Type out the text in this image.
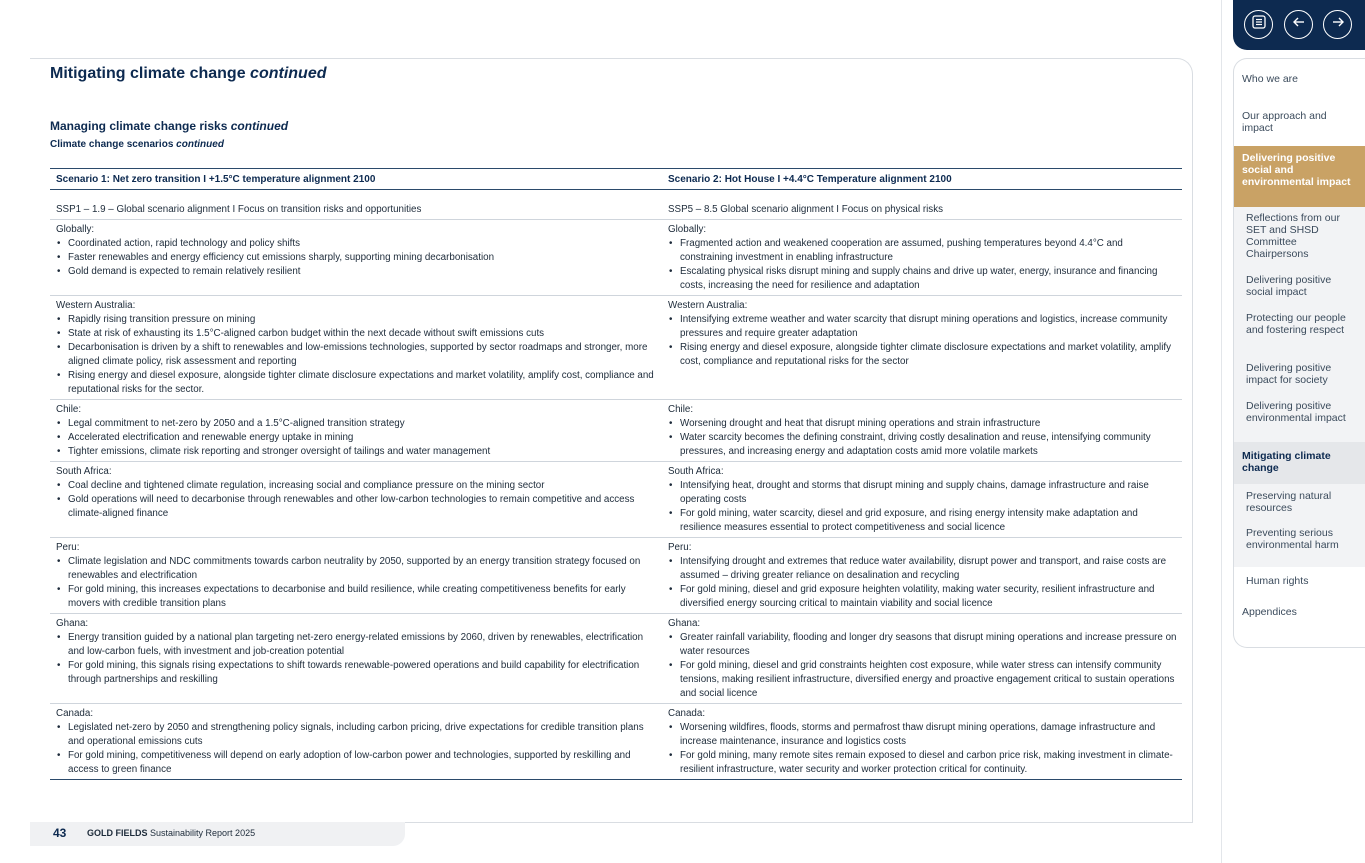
Mitigating climate change continued
Managing climate change risks continued
Climate change scenarios continued
Scenario 1: Net zero transition I +1.5°C temperature alignment 2100	Scenario 2: Hot House I +4.4°C Temperature alignment 2100
SSP1 – 1.9 – Global scenario alignment I Focus on transition risks and opportunities	SSP5 – 8.5 Global scenario alignment I Focus on physical risks
Globally:
• Coordinated action, rapid technology and policy shifts
• Faster renewables and energy efficiency cut emissions sharply, supporting mining decarbonisation
• Gold demand is expected to remain relatively resilient
Globally:
• Fragmented action and weakened cooperation are assumed, pushing temperatures beyond 4.4°C and constraining investment in enabling infrastructure
• Escalating physical risks disrupt mining and supply chains and drive up water, energy, insurance and financing costs, increasing the need for resilience and adaptation
Western Australia:
• Rapidly rising transition pressure on mining
• State at risk of exhausting its 1.5°C-aligned carbon budget within the next decade without swift emissions cuts
• Decarbonisation is driven by a shift to renewables and low-emissions technologies, supported by sector roadmaps and stronger, more aligned climate policy, risk assessment and reporting
• Rising energy and diesel exposure, alongside tighter climate disclosure expectations and market volatility, amplify cost, compliance and reputational risks for the sector.
Western Australia:
• Intensifying extreme weather and water scarcity that disrupt mining operations and logistics, increase community pressures and require greater adaptation
• Rising energy and diesel exposure, alongside tighter climate disclosure expectations and market volatility, amplify cost, compliance and reputational risks for the sector
Chile:
• Legal commitment to net-zero by 2050 and a 1.5°C-aligned transition strategy
• Accelerated electrification and renewable energy uptake in mining
• Tighter emissions, climate risk reporting and stronger oversight of tailings and water management
Chile:
• Worsening drought and heat that disrupt mining operations and strain infrastructure
• Water scarcity becomes the defining constraint, driving costly desalination and reuse, intensifying community pressures, and increasing energy and adaptation costs amid more volatile markets
South Africa:
• Coal decline and tightened climate regulation, increasing social and compliance pressure on the mining sector
• Gold operations will need to decarbonise through renewables and other low-carbon technologies to remain competitive and access climate-aligned finance
South Africa:
• Intensifying heat, drought and storms that disrupt mining and supply chains, damage infrastructure and raise operating costs
• For gold mining, water scarcity, diesel and grid exposure, and rising energy intensity make adaptation and resilience measures essential to protect competitiveness and social licence
Peru:
• Climate legislation and NDC commitments towards carbon neutrality by 2050, supported by an energy transition strategy focused on renewables and electrification
• For gold mining, this increases expectations to decarbonise and build resilience, while creating competitiveness benefits for early movers with credible transition plans
Peru:
• Intensifying drought and extremes that reduce water availability, disrupt power and transport, and raise costs are assumed – driving greater reliance on desalination and recycling
• For gold mining, diesel and grid exposure heighten volatility, making water security, resilient infrastructure and diversified energy sourcing critical to maintain viability and social licence
Ghana:
• Energy transition guided by a national plan targeting net-zero energy-related emissions by 2060, driven by renewables, electrification and low-carbon fuels, with investment and job-creation potential
• For gold mining, this signals rising expectations to shift towards renewable-powered operations and build capability for electrification through partnerships and reskilling
Ghana:
• Greater rainfall variability, flooding and longer dry seasons that disrupt mining operations and increase pressure on water resources
• For gold mining, diesel and grid constraints heighten cost exposure, while water stress can intensify community tensions, making resilient infrastructure, diversified energy and proactive engagement critical to sustain operations and social licence
Canada:
• Legislated net-zero by 2050 and strengthening policy signals, including carbon pricing, drive expectations for credible transition plans and operational emissions cuts
• For gold mining, competitiveness will depend on early adoption of low-carbon power and technologies, supported by reskilling and access to green finance
Canada:
• Worsening wildfires, floods, storms and permafrost thaw disrupt mining operations, damage infrastructure and increase maintenance, insurance and logistics costs
• For gold mining, many remote sites remain exposed to diesel and carbon price risk, making investment in climate-resilient infrastructure, water security and worker protection critical for continuity.
43 GOLD FIELDS Sustainability Report 2025
Who we are
Our approach and impact
Delivering positive social and environmental impact
Reflections from our SET and SHSD Committee Chairpersons
Delivering positive social impact
Protecting our people and fostering respect
Delivering positive impact for society
Delivering positive environmental impact
Mitigating climate change
Preserving natural resources
Preventing serious environmental harm
Human rights
Appendices
